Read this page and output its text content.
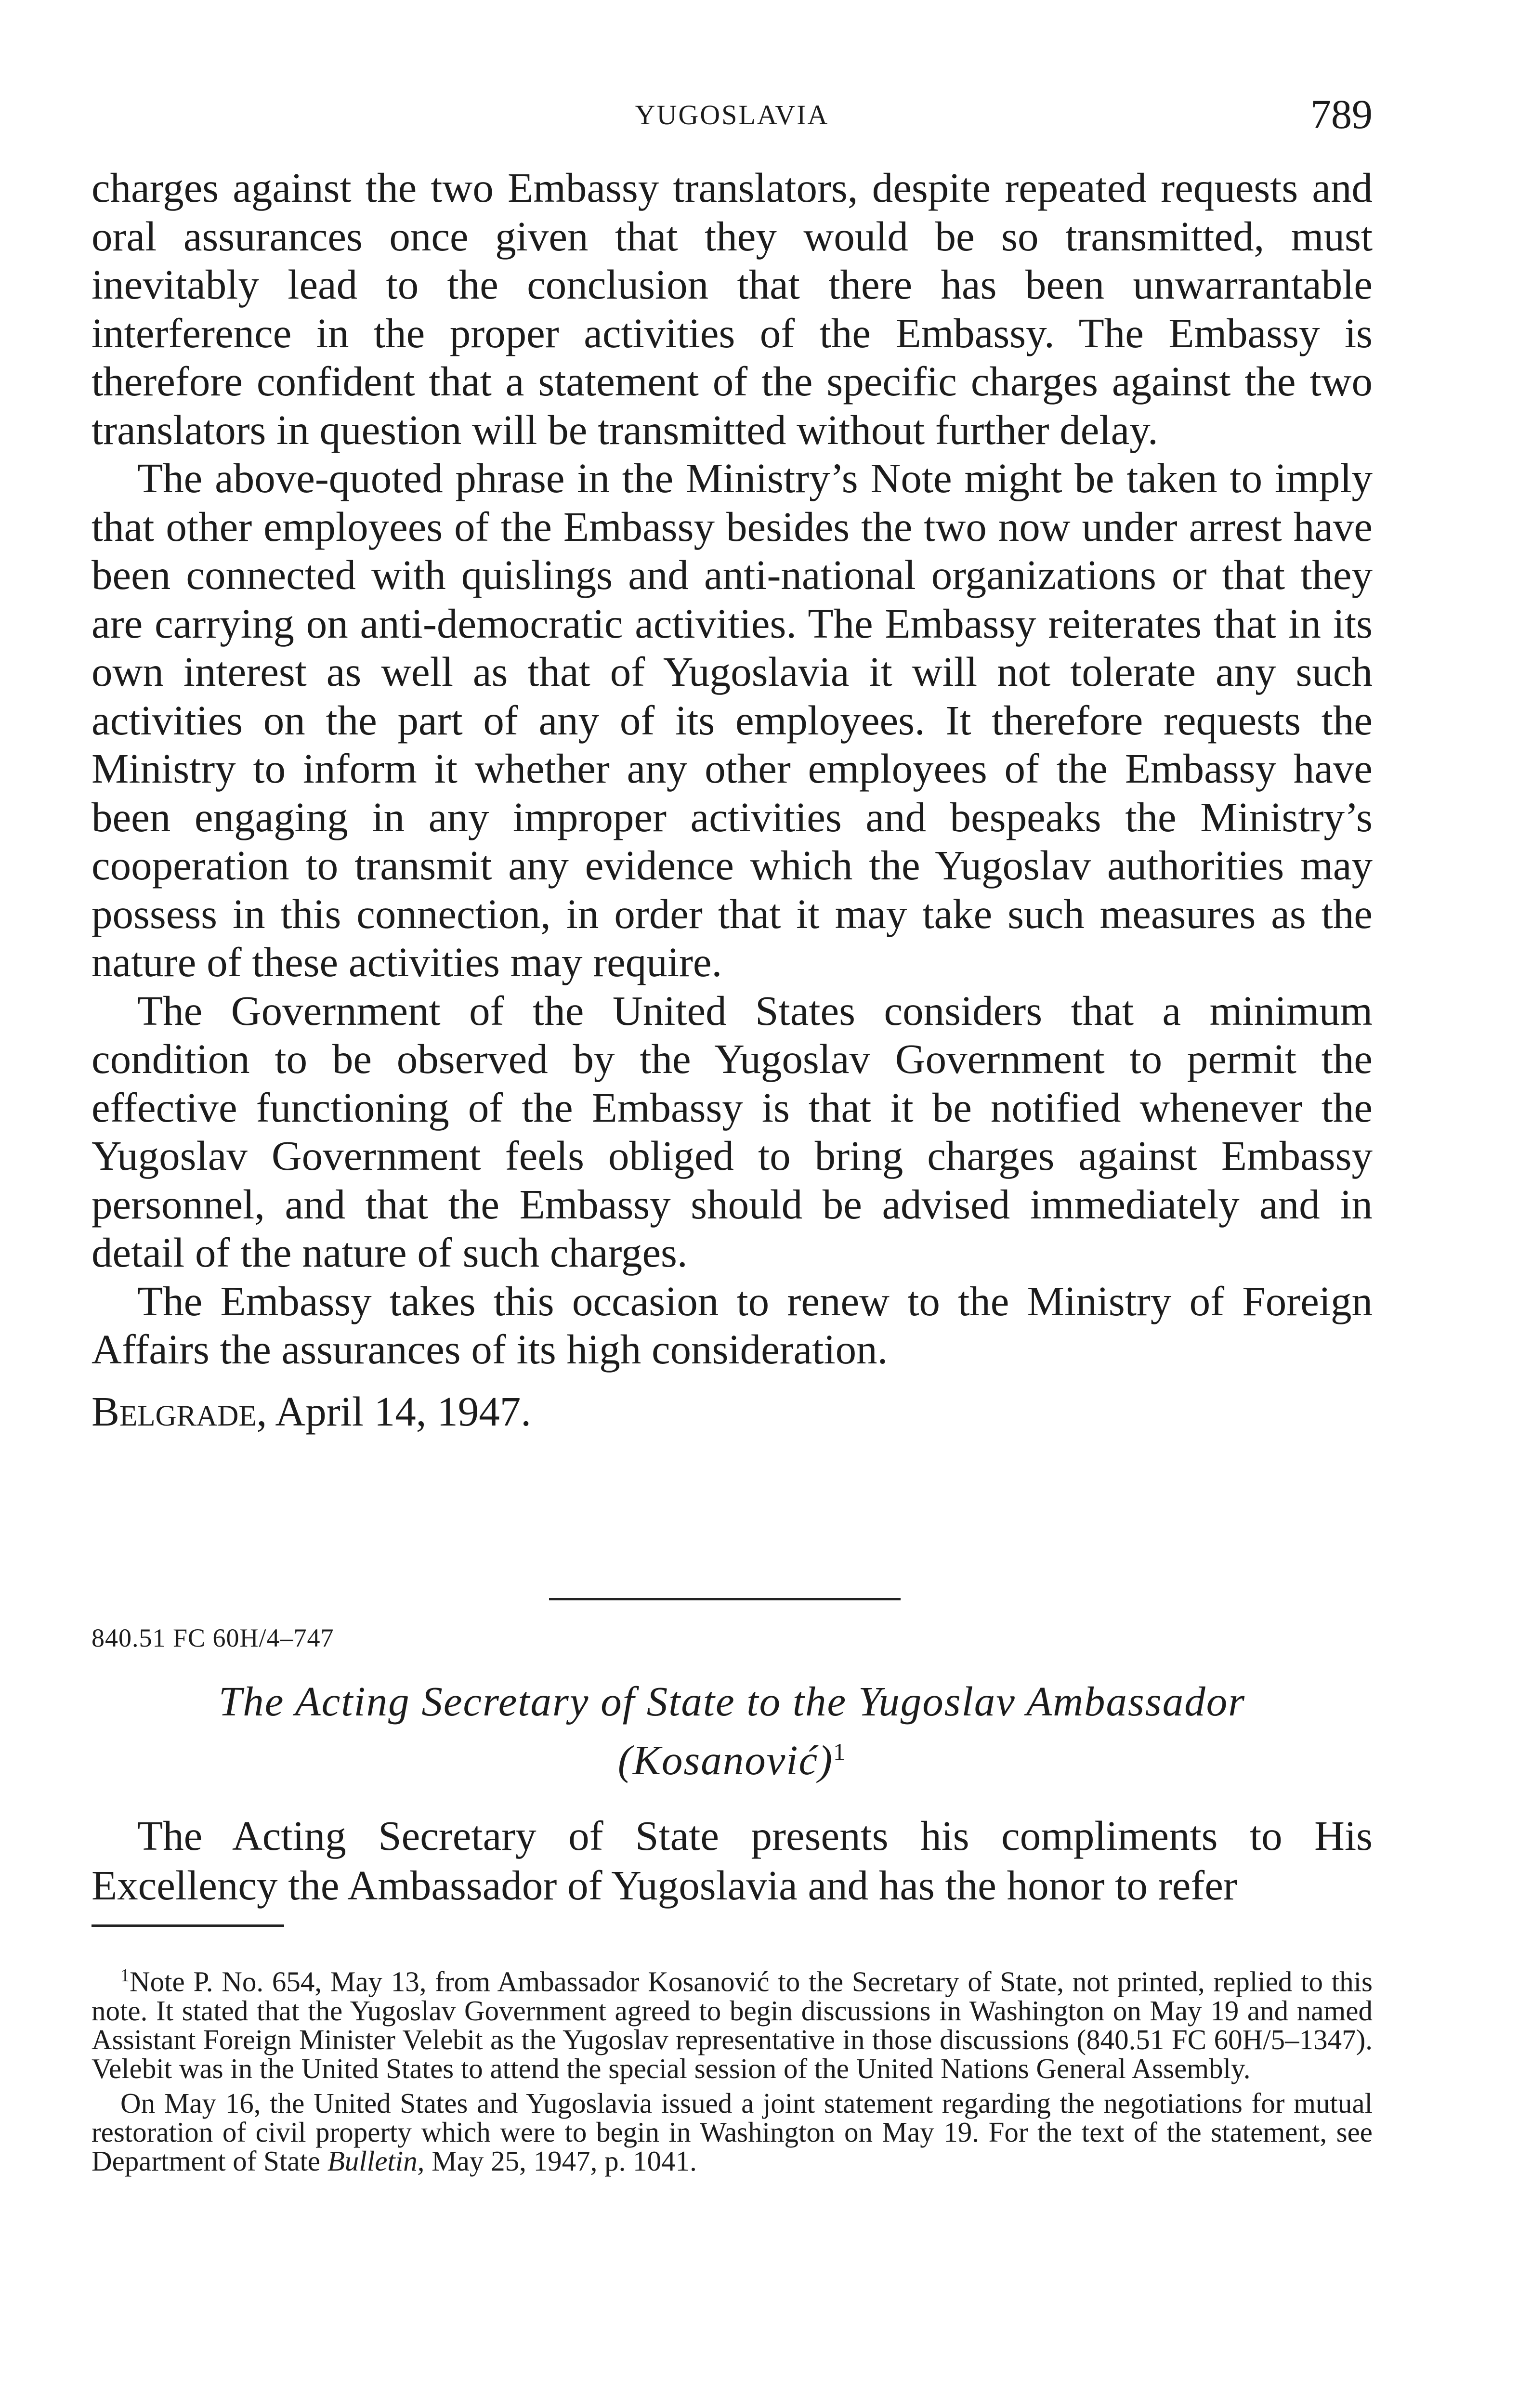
YUGOSLAVIA	789

charges against the two Embassy translators, despite repeated requests and oral assurances once given that they would be so transmitted, must inevitably lead to the conclusion that there has been unwarrantable interference in the proper activities of the Embassy. The Embassy is therefore confident that a statement of the specific charges against the two translators in question will be transmitted without further delay.

The above-quoted phrase in the Ministry’s Note might be taken to imply that other employees of the Embassy besides the two now under arrest have been connected with quislings and anti-national organizations or that they are carrying on anti-democratic activities. The Embassy reiterates that in its own interest as well as that of Yugoslavia it will not tolerate any such activities on the part of any of its employees. It therefore requests the Ministry to inform it whether any other employees of the Embassy have been engaging in any improper activities and bespeaks the Ministry’s cooperation to transmit any evidence which the Yugoslav authorities may possess in this connection, in order that it may take such measures as the nature of these activities may require.

The Government of the United States considers that a minimum condition to be observed by the Yugoslav Government to permit the effective functioning of the Embassy is that it be notified whenever the Yugoslav Government feels obliged to bring charges against Embassy personnel, and that the Embassy should be advised immediately and in detail of the nature of such charges.

The Embassy takes this occasion to renew to the Ministry of Foreign Affairs the assurances of its high consideration.

Belgrade, April 14, 1947.

840.51 FC 60H/4–747
The Acting Secretary of State to the Yugoslav Ambassador
(Kosanović)$^1$
The Acting Secretary of State presents his compliments to His Excellency the Ambassador of Yugoslavia and has the honor to refer

$^1$Note P. No. 654, May 13, from Ambassador Kosanović to the Secretary of State, not printed, replied to this note. It stated that the Yugoslav Government agreed to begin discussions in Washington on May 19 and named Assistant Foreign Minister Velebit as the Yugoslav representative in those discussions (840.51 FC 60H/5–1347). Velebit was in the United States to attend the special session of the United Nations General Assembly.

On May 16, the United States and Yugoslavia issued a joint statement regarding the negotiations for mutual restoration of civil property which were to begin in Washington on May 19. For the text of the statement, see Department of State Bulletin, May 25, 1947, p. 1041.
